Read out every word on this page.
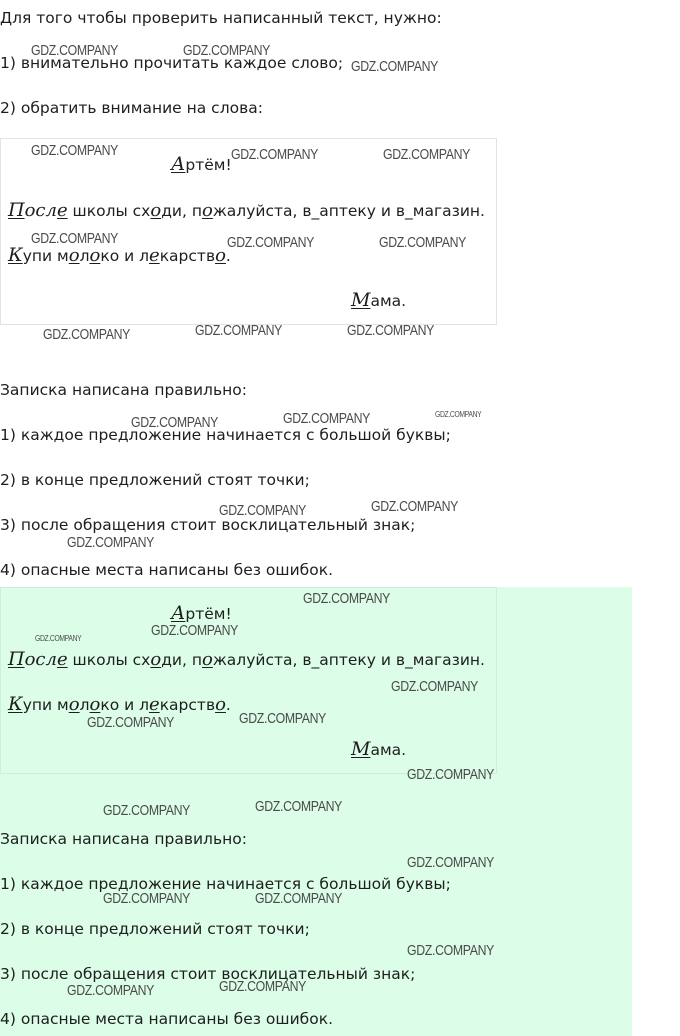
Для того чтобы проверить написанный текст, нужно:
1) внимательно прочитать каждое слово;
2) обратить внимание на слова:
Артём!
После школы сходи, пожалуйста, в_аптеку и в_магазин.
Купи молоко и лекарство.
Мама.
Записка написана правильно:
1) каждое предложение начинается с большой буквы;
2) в конце предложений стоят точки;
3) после обращения стоит восклицательный знак;
4) опасные места написаны без ошибок.
Артём!
После школы сходи, пожалуйста, в_аптеку и в_магазин.
Купи молоко и лекарство.
Мама.
Записка написана правильно:
1) каждое предложение начинается с большой буквы;
2) в конце предложений стоят точки;
3) после обращения стоит восклицательный знак;
4) опасные места написаны без ошибок.
GDZ.COMPANY	GDZ.COMPANY
GDZ.COMPANY
GDZ.COMPANY	GDZ.COMPANY	GDZ.COMPANY
GDZ.COMPANY	GDZ.COMPANY	GDZ.COMPANY
GDZ.COMPANY	GDZ.COMPANY	GDZ.COMPANY
GDZ.COMPANY	GDZ.COMPANY	GDZ.COMPANY
GDZ.COMPANY	GDZ.COMPANY
GDZ.COMPANY
GDZ.COMPANY
GDZ.COMPANY	GDZ.COMPANY
GDZ.COMPANY
GDZ.COMPANY	GDZ.COMPANY
GDZ.COMPANY
GDZ.COMPANY	GDZ.COMPANY
GDZ.COMPANY
GDZ.COMPANY	GDZ.COMPANY
GDZ.COMPANY
GDZ.COMPANY	GDZ.COMPANY
